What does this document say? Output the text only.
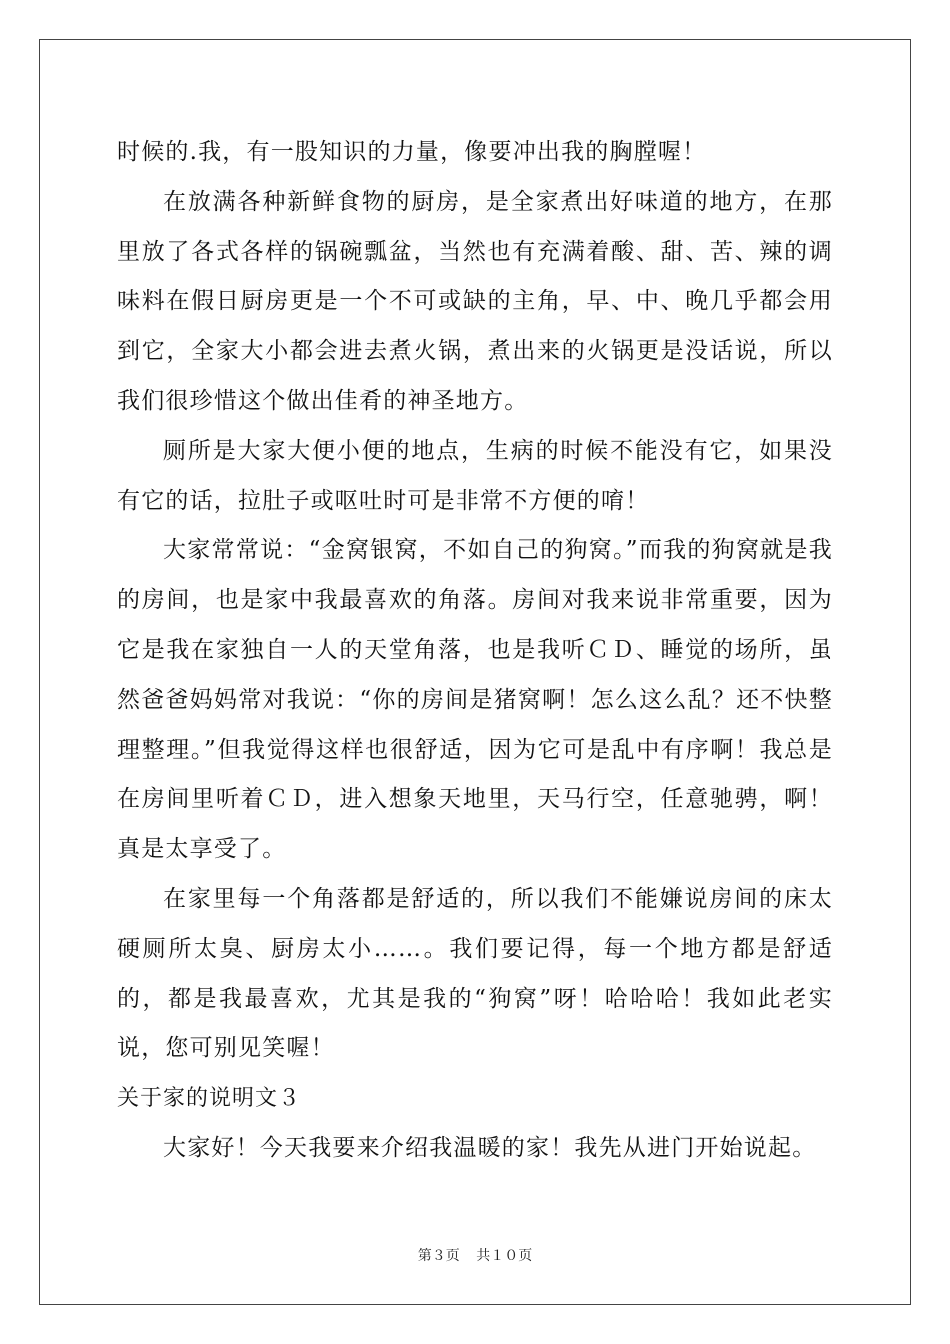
时候的.我，有一股知识的力量，像要冲出我的胸膛喔！

在放满各种新鲜食物的厨房，是全家煮出好味道的地方，在那里放了各式各样的锅碗瓢盆，当然也有充满着酸、甜、苦、辣的调味料在假日厨房更是一个不可或缺的主角，早、中、晚几乎都会用到它，全家大小都会进去煮火锅，煮出来的火锅更是没话说，所以我们很珍惜这个做出佳肴的神圣地方。

厕所是大家大便小便的地点，生病的时候不能没有它，如果没有它的话，拉肚子或呕吐时可是非常不方便的唷！

大家常常说：“金窝银窝，不如自己的狗窝。”而我的狗窝就是我的房间，也是家中我最喜欢的角落。房间对我来说非常重要，因为它是我在家独自一人的天堂角落，也是我听ＣＤ、睡觉的场所，虽然爸爸妈妈常对我说：“你的房间是猪窝啊！怎么这么乱？还不快整理整理。”但我觉得这样也很舒适，因为它可是乱中有序啊！我总是在房间里听着ＣＤ，进入想象天地里，天马行空，任意驰骋，啊！真是太享受了。

在家里每一个角落都是舒适的，所以我们不能嫌说房间的床太硬厕所太臭、厨房太小……。我们要记得，每一个地方都是舒适的，都是我最喜欢，尤其是我的“狗窝”呀！哈哈哈！我如此老实说，您可别见笑喔！

关于家的说明文３

大家好！今天我要来介绍我温暖的家！我先从进门开始说起。

第３页 共１０页
